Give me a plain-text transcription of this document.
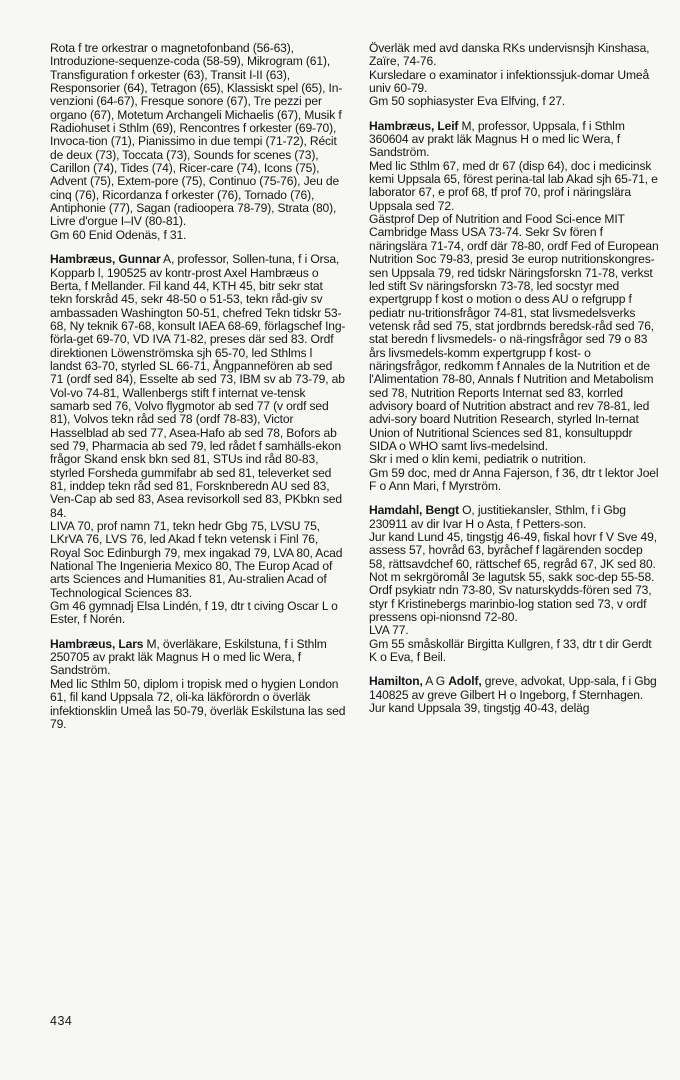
Rota f tre orkestrar o magnetofonband (56-63), Introduzione-sequenze-coda (58-59), Mikrogram (61), Transfiguration f orkester (63), Transit I-II (63), Responsorier (64), Tetragon (65), Klassiskt spel (65), In-venzioni (64-67), Fresque sonore (67), Tre pezzi per organo (67), Motetum Archangeli Michaelis (67), Musik f Radiohuset i Sthlm (69), Rencontres f orkester (69-70), Invoca-tion (71), Pianissimo in due tempi (71-72), Récit de deux (73), Toccata (73), Sounds for scenes (73), Carillon (74), Tides (74), Ricer-care (74), Icons (75), Advent (75), Extem-pore (75), Continuo (75-76), Jeu de cinq (76), Ricordanza f orkester (76), Tornado (76), Antiphonie (77), Sagan (radioopera 78-79), Strata (80), Livre d'orgue I–IV (80-81).

Gm 60 Enid Odenäs, f 31.

Hambræus, Gunnar A, professor, Sollen-tuna, f i Orsa, Kopparb l, 190525 av kontr-prost Axel Hambræus o Berta, f Mellander. Fil kand 44, KTH 45, bitr sekr stat tekn forskråd 45, sekr 48-50 o 51-53, tekn råd-giv sv ambassaden Washington 50-51, chefred Tekn tidskr 53-68, Ny teknik 67-68, konsult IAEA 68-69, förlagschef Ing-förla-get 69-70, VD IVA 71-82, preses där sed 83. Ordf direktionen Löwenströmska sjh 65-70, led Sthlms l landst 63-70, styrled SL 66-71, Ångpannefören ab sed 71 (ordf sed 84), Esselte ab sed 73, IBM sv ab 73-79, ab Vol-vo 74-81, Wallenbergs stift f internat ve-tensk samarb sed 76, Volvo flygmotor ab sed 77 (v ordf sed 81), Volvos tekn råd sed 78 (ordf 78-83), Victor Hasselblad ab sed 77, Asea-Hafo ab sed 78, Bofors ab sed 79, Pharmacia ab sed 79, led rådet f samhälls-ekon frågor Skand ensk bkn sed 81, STUs ind råd 80-83, styrled Forsheda gummifabr ab sed 81, televerket sed 81, inddep tekn råd sed 81, Forsknberedn AU sed 83, Ven-Cap ab sed 83, Asea revisorkoll sed 83, PKbkn sed 84.

LIVA 70, prof namn 71, tekn hedr Gbg 75, LVSU 75, LKrVA 76, LVS 76, led Akad f tekn vetensk i Finl 76, Royal Soc Edinburgh 79, mex ingakad 79, LVA 80, Acad National The Ingenieria Mexico 80, The Europ Acad of arts Sciences and Humanities 81, Au-stralien Acad of Technological Sciences 83.

Gm 46 gymnadj Elsa Lindén, f 19, dtr t civing Oscar L o Ester, f Norén.

Hambræus, Lars M, överläkare, Eskilstuna, f i Sthlm 250705 av prakt läk Magnus H o med lic Wera, f Sandström.

Med lic Sthlm 50, diplom i tropisk med o hygien London 61, fil kand Uppsala 72, oli-ka läkförordn o överläk infektionsklin Umeå las 50-79, överläk Eskilstuna las sed 79.

Överläk med avd danska RKs undervisnsjh Kinshasa, Zaïre, 74-76.

Kursledare o examinator i infektionssjuk-domar Umeå univ 60-79.

Gm 50 sophiasyster Eva Elfving, f 27.

Hambræus, Leif M, professor, Uppsala, f i Sthlm 360604 av prakt läk Magnus H o med lic Wera, f Sandström.

Med lic Sthlm 67, med dr 67 (disp 64), doc i medicinsk kemi Uppsala 65, förest perina-tal lab Akad sjh 65-71, e laborator 67, e prof 68, tf prof 70, prof i näringslära Uppsala sed 72.

Gästprof Dep of Nutrition and Food Sci-ence MIT Cambridge Mass USA 73-74. Sekr Sv fören f näringslära 71-74, ordf där 78-80, ordf Fed of European Nutrition Soc 79-83, presid 3e europ nutritionskongres-sen Uppsala 79, red tidskr Näringsforskn 71-78, verkst led stift Sv näringsforskn 73-78, led socstyr med expertgrupp f kost o motion o dess AU o refgrupp f pediatr nu-tritionsfrågor 74-81, stat livsmedelsverks vetensk råd sed 75, stat jordbrnds beredsk-råd sed 76, stat beredn f livsmedels- o nä-ringsfrågor sed 79 o 83 års livsmedels-komm expertgrupp f kost- o näringsfrågor, redkomm f Annales de la Nutrition et de l'Alimentation 78-80, Annals f Nutrition and Metabolism sed 78, Nutrition Reports Internat sed 83, korrled advisory board of Nutrition abstract and rev 78-81, led advi-sory board Nutrition Research, styrled In-ternat Union of Nutritional Sciences sed 81, konsultuppdr SIDA o WHO samt livs-medelsind.

Skr i med o klin kemi, pediatrik o nutrition.

Gm 59 doc, med dr Anna Fajerson, f 36, dtr t lektor Joel F o Ann Mari, f Myrström.

Hamdahl, Bengt O, justitiekansler, Sthlm, f i Gbg 230911 av dir Ivar H o Asta, f Petters-son.

Jur kand Lund 45, tingstjg 46-49, fiskal hovr f V Sve 49, assess 57, hovråd 63, byråchef f lagärenden socdep 58, rättsavdchef 60, rättschef 65, regråd 67, JK sed 80.

Not m sekrgöromål 3e lagutsk 55, sakk soc-dep 55-58.

Ordf psykiatr ndn 73-80, Sv naturskydds-fören sed 73, styr f Kristinebergs marinbio-log station sed 73, v ordf pressens opi-nionsnd 72-80.

LVA 77.

Gm 55 småskollär Birgitta Kullgren, f 33, dtr t dir Gerdt K o Eva, f Beil.

Hamilton, A G Adolf, greve, advokat, Upp-sala, f i Gbg 140825 av greve Gilbert H o Ingeborg, f Sternhagen.

Jur kand Uppsala 39, tingstjg 40-43, deläg

434
